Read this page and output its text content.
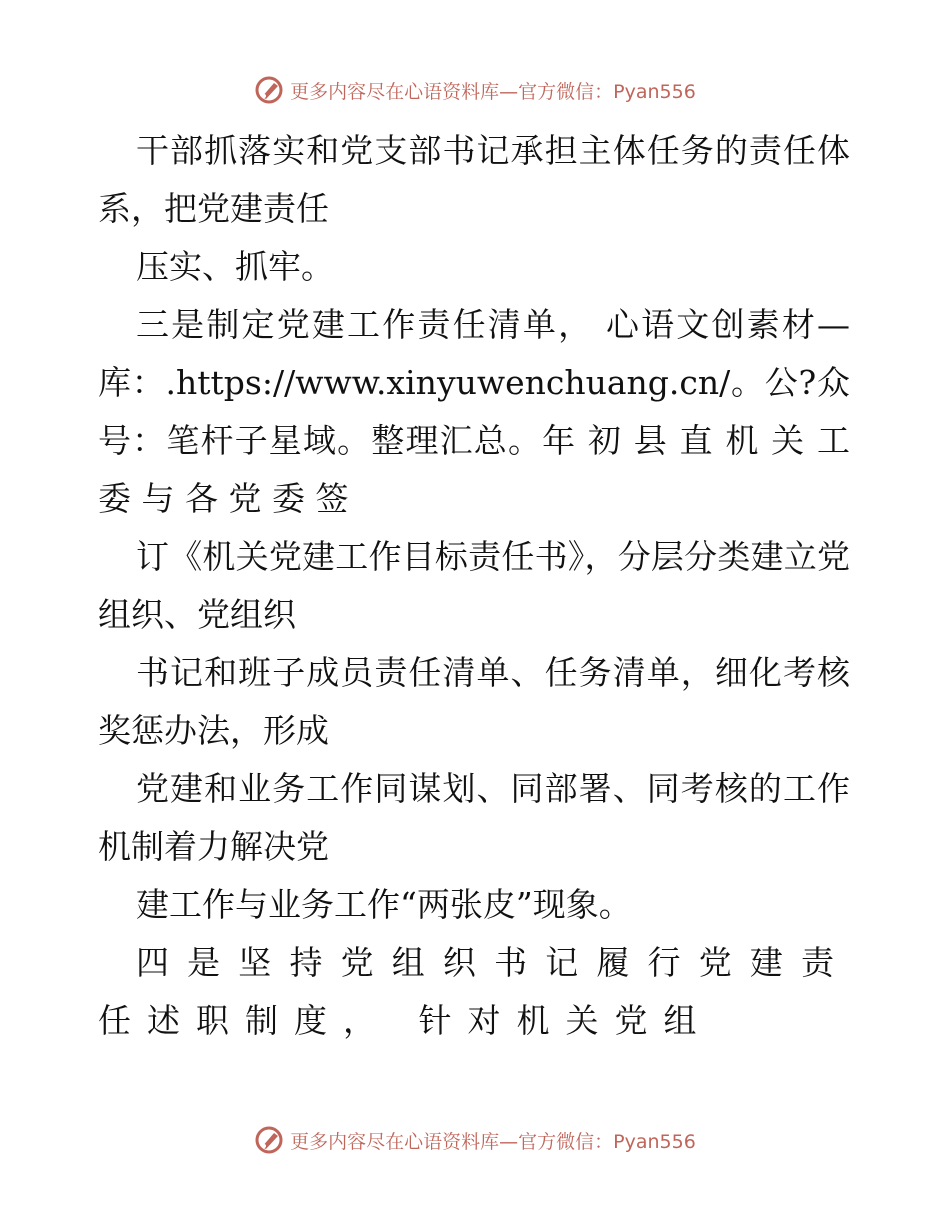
更多内容尽在心语资料库—官方微信：Pyan556

干部抓落实和党支部书记承担主体任务的责任体系，把党建责任

压实、抓牢。

三是制定党建工作责任清单， 心语文创素材—库：.https://www.xinyuwenchuang.cn/。公?众号：笔杆子星域。整理汇总。年 初 县 直 机 关 工 委 与 各 党 委 签

订《机关党建工作目标责任书》，分层分类建立党组织、党组织

书记和班子成员责任清单、任务清单，细化考核奖惩办法，形成

党建和业务工作同谋划、同部署、同考核的工作机制着力解决党

建工作与业务工作“两张皮”现象。

四是坚持党组织书记履行党建责任述职制度， 针对机关党组

更多内容尽在心语资料库—官方微信：Pyan556
